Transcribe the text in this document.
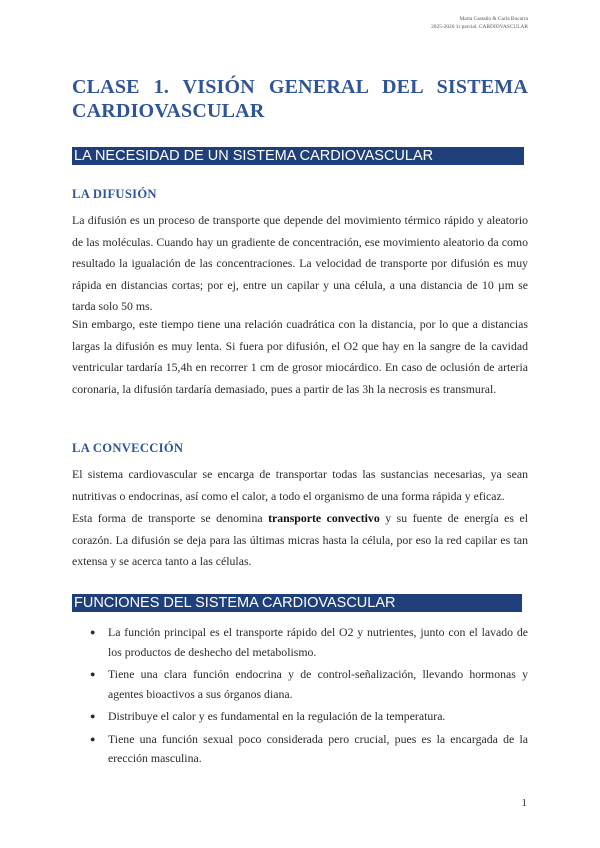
Marta Castaño & Carla Bucarra
2025-2026 1r parcial. CARDIOVASCULAR
CLASE 1. VISIÓN GENERAL DEL SISTEMA CARDIOVASCULAR
LA NECESIDAD DE UN SISTEMA CARDIOVASCULAR
LA DIFUSIÓN

La difusión es un proceso de transporte que depende del movimiento térmico rápido y aleatorio de las moléculas. Cuando hay un gradiente de concentración, ese movimiento aleatorio da como resultado la igualación de las concentraciones. La velocidad de transporte por difusión es muy rápida en distancias cortas; por ej, entre un capilar y una célula, a una distancia de 10 µm se tarda solo 50 ms.

Sin embargo, este tiempo tiene una relación cuadrática con la distancia, por lo que a distancias largas la difusión es muy lenta. Si fuera por difusión, el O2 que hay en la sangre de la cavidad ventricular tardaría 15,4h en recorrer 1 cm de grosor miocárdico. En caso de oclusión de arteria coronaria, la difusión tardaría demasiado, pues a partir de las 3h la necrosis es transmural.

LA CONVECCIÓN

El sistema cardiovascular se encarga de transportar todas las sustancias necesarias, ya sean nutritivas o endocrinas, así como el calor, a todo el organismo de una forma rápida y eficaz.

Esta forma de transporte se denomina transporte convectivo y su fuente de energía es el corazón. La difusión se deja para las últimas micras hasta la célula, por eso la red capilar es tan extensa y se acerca tanto a las células.

FUNCIONES DEL SISTEMA CARDIOVASCULAR
● La función principal es el transporte rápido del O2 y nutrientes, junto con el lavado de los productos de deshecho del metabolismo.
● Tiene una clara función endocrina y de control-señalización, llevando hormonas y agentes bioactivos a sus órganos diana.
● Distribuye el calor y es fundamental en la regulación de la temperatura.
● Tiene una función sexual poco considerada pero crucial, pues es la encargada de la erección masculina.
1
